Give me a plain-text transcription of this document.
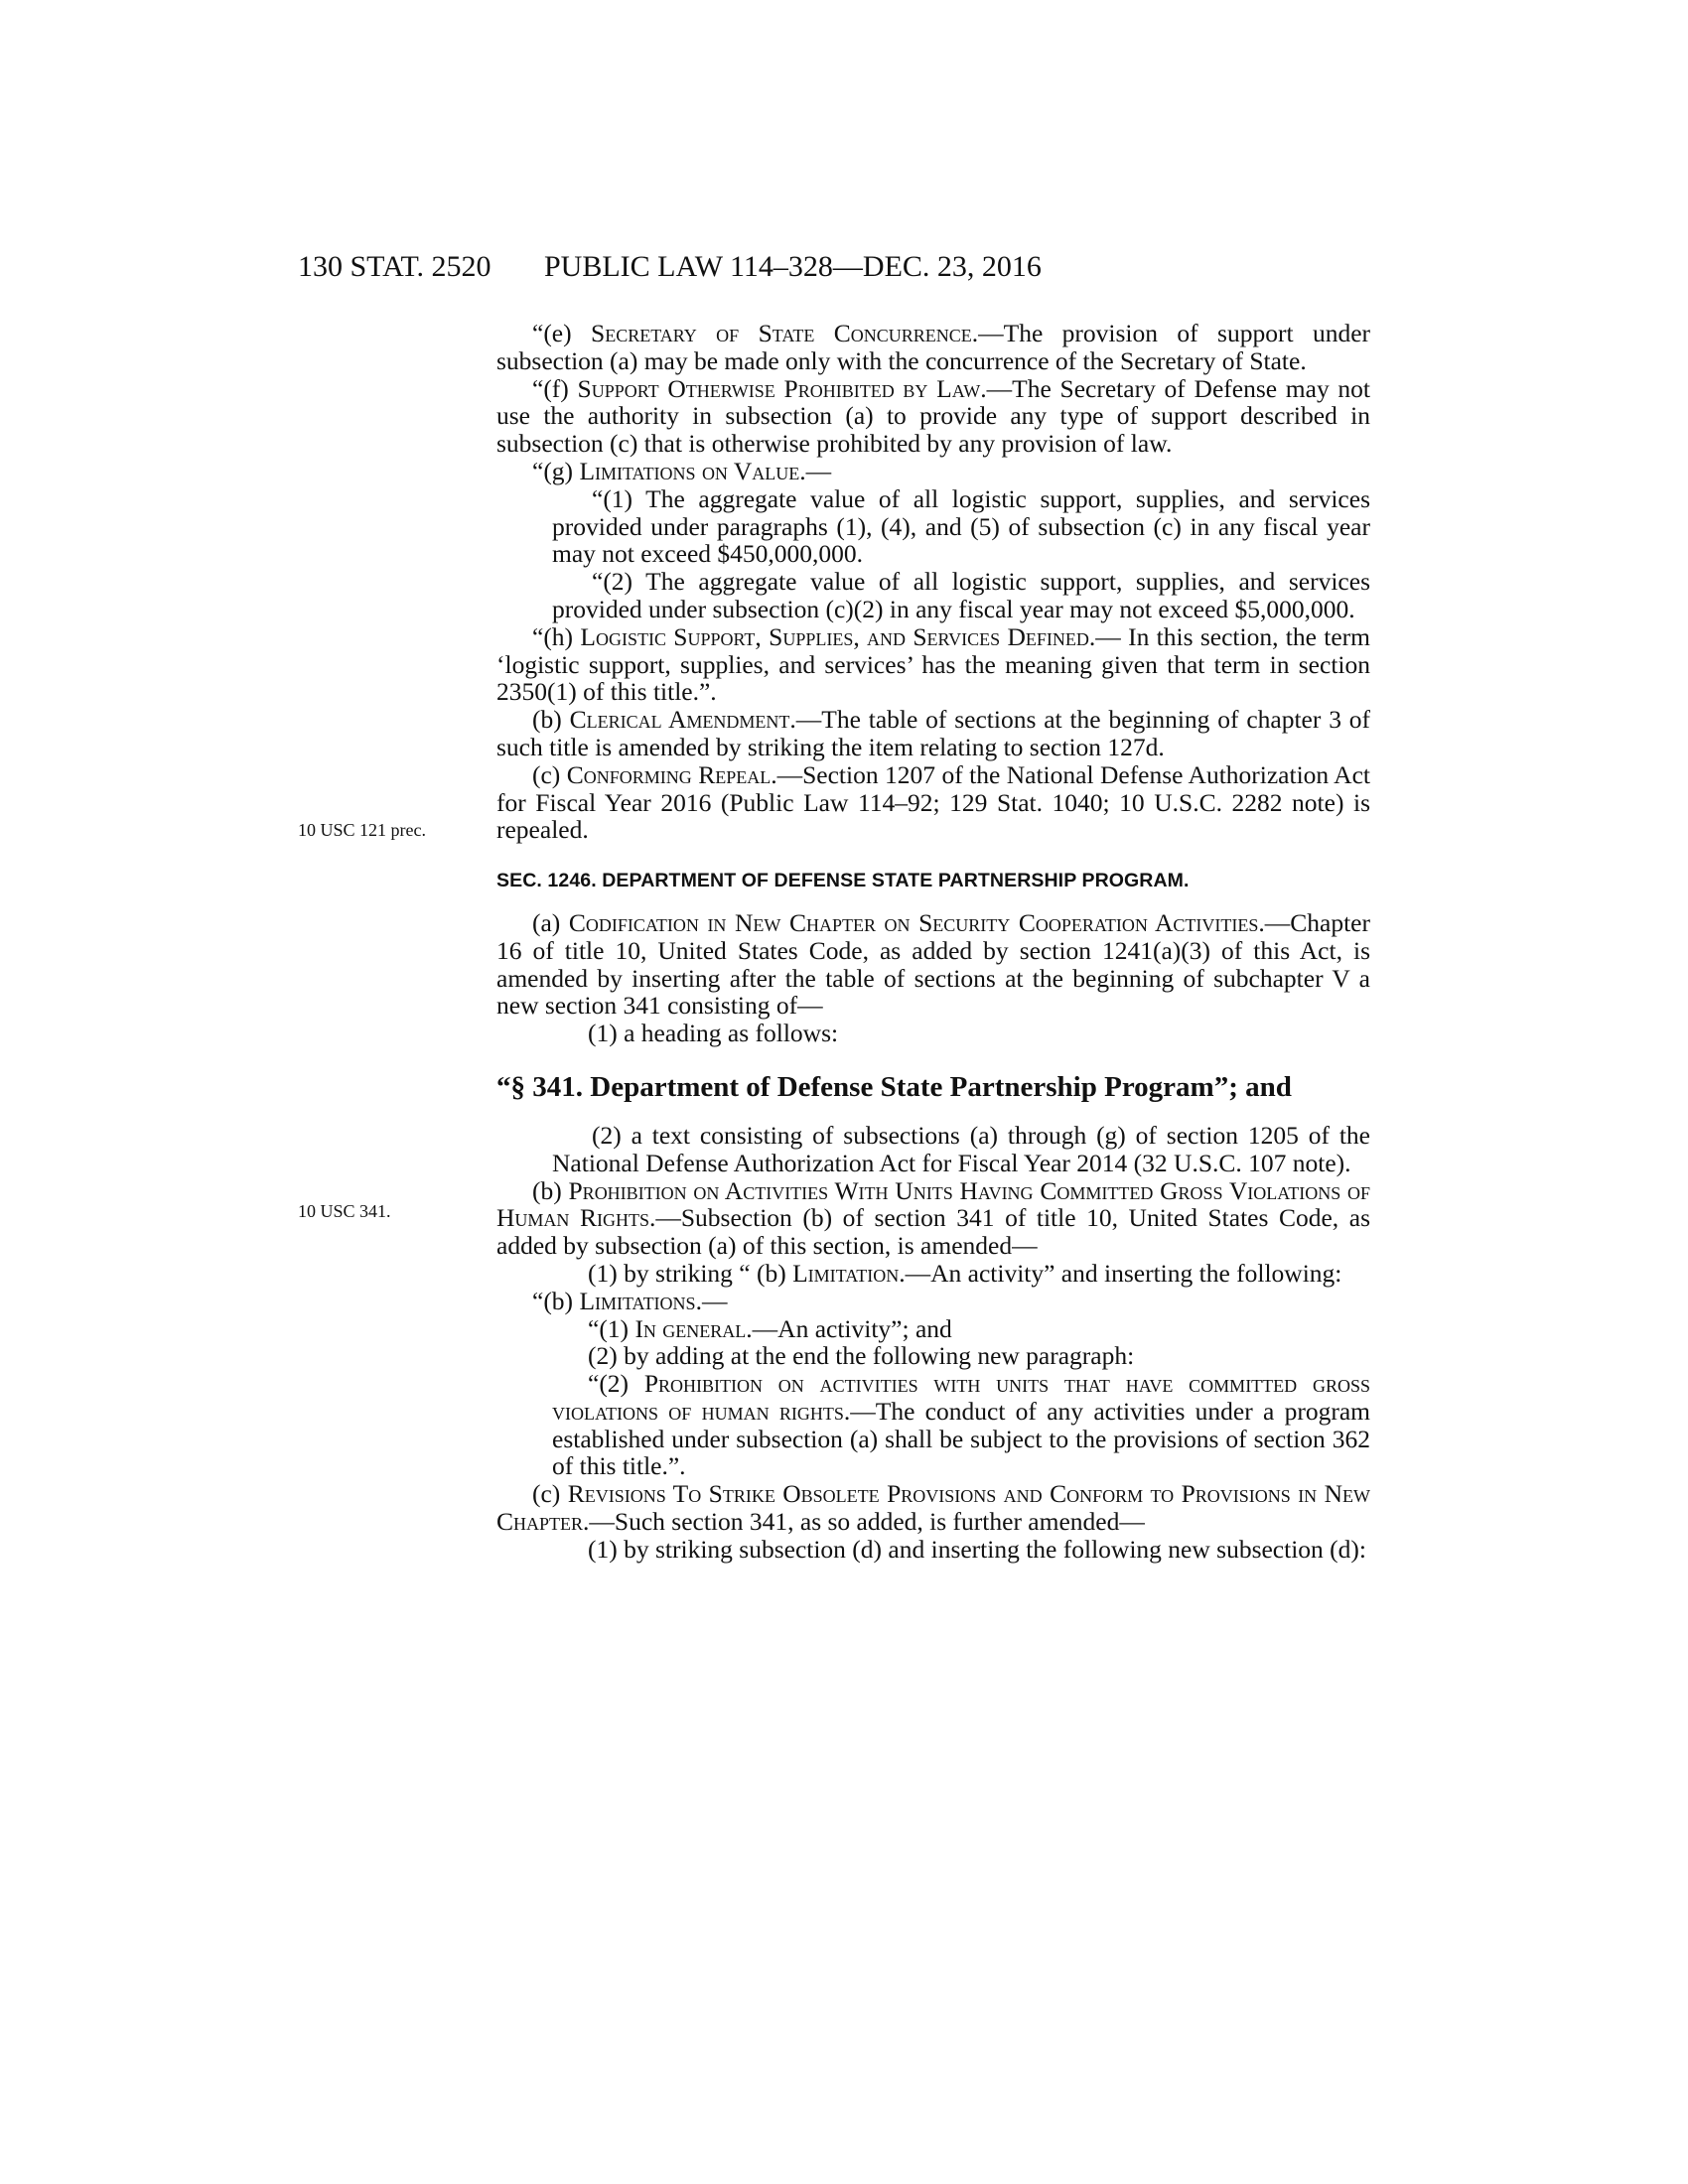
130 STAT. 2520 PUBLIC LAW 114–328—DEC. 23, 2016
10 USC 121 prec.
10 USC 341.

“(e) Secretary of State Concurrence.—The provision of support under subsection (a) may be made only with the concurrence of the Secretary of State.

“(f) Support Otherwise Prohibited by Law.—The Secretary of Defense may not use the authority in subsection (a) to provide any type of support described in subsection (c) that is otherwise prohibited by any provision of law.

“(g) Limitations on Value.—

“(1) The aggregate value of all logistic support, supplies, and services provided under paragraphs (1), (4), and (5) of subsection (c) in any fiscal year may not exceed $450,000,000.

“(2) The aggregate value of all logistic support, supplies, and services provided under subsection (c)(2) in any fiscal year may not exceed $5,000,000.

“(h) Logistic Support, Supplies, and Services Defined.— In this section, the term ‘logistic support, supplies, and services’ has the meaning given that term in section 2350(1) of this title.”.

(b) Clerical Amendment.—The table of sections at the beginning of chapter 3 of such title is amended by striking the item relating to section 127d.

(c) Conforming Repeal.—Section 1207 of the National Defense Authorization Act for Fiscal Year 2016 (Public Law 114–92; 129 Stat. 1040; 10 U.S.C. 2282 note) is repealed.

SEC. 1246. DEPARTMENT OF DEFENSE STATE PARTNERSHIP PROGRAM.

(a) Codification in New Chapter on Security Cooperation Activities.—Chapter 16 of title 10, United States Code, as added by section 1241(a)(3) of this Act, is amended by inserting after the table of sections at the beginning of subchapter V a new section 341 consisting of—

(1) a heading as follows:

“§ 341. Department of Defense State Partnership Program”; and

(2) a text consisting of subsections (a) through (g) of section 1205 of the National Defense Authorization Act for Fiscal Year 2014 (32 U.S.C. 107 note).

(b) Prohibition on Activities With Units Having Committed Gross Violations of Human Rights.—Subsection (b) of section 341 of title 10, United States Code, as added by subsection (a) of this section, is amended—

(1) by striking “ (b) Limitation.—An activity” and inserting the following:

“(b) Limitations.—

“(1) In general.—An activity”; and

(2) by adding at the end the following new paragraph:

“(2) Prohibition on activities with units that have committed gross violations of human rights.—The conduct of any activities under a program established under subsection (a) shall be subject to the provisions of section 362 of this title.”.

(c) Revisions To Strike Obsolete Provisions and Conform to Provisions in New Chapter.—Such section 341, as so added, is further amended—

(1) by striking subsection (d) and inserting the following new subsection (d):
